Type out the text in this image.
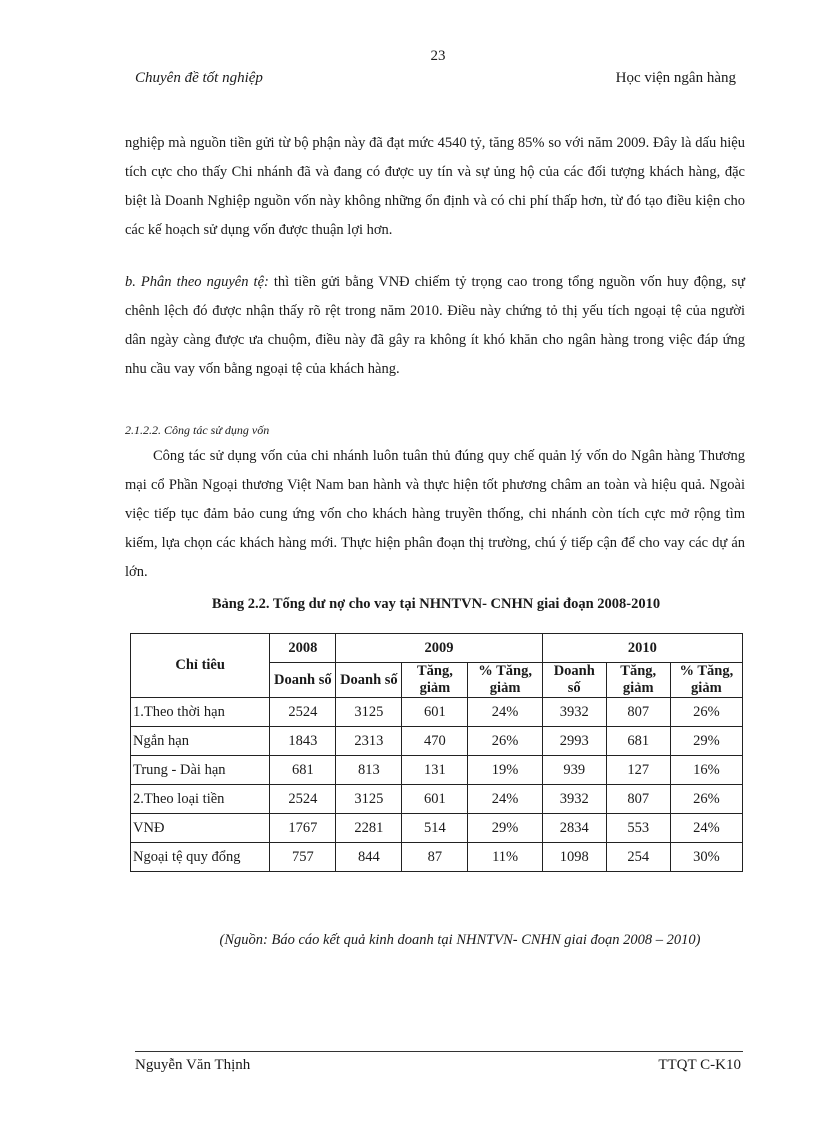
23
Chuyên đề tốt nghiệp	Học viện ngân hàng
nghiệp mà nguồn tiền gửi từ bộ phận này đã đạt mức 4540 tỷ, tăng 85% so với năm 2009. Đây là dấu hiệu tích cực cho thấy Chi nhánh đã và đang có được uy tín và sự ủng hộ của các đối tượng khách hàng, đặc biệt là Doanh Nghiệp nguồn vốn này không những ổn định và có chi phí thấp hơn, từ đó tạo điều kiện cho các kế hoạch sử dụng vốn được thuận lợi hơn.
b. Phân theo nguyên tệ: thì tiền gửi bằng VNĐ chiếm tỷ trọng cao trong tổng nguồn vốn huy động, sự chênh lệch đó được nhận thấy rõ rệt trong năm 2010. Điều này chứng tỏ thị yếu tích ngoại tệ của người dân ngày càng được ưa chuộm, điều này đã gây ra không ít khó khăn cho ngân hàng trong việc đáp ứng nhu cầu vay vốn bằng ngoại tệ của khách hàng.
2.1.2.2. Công tác sử dụng vốn
Công tác sử dụng vốn của chi nhánh luôn tuân thủ đúng quy chế quản lý vốn do Ngân hàng Thương mại cổ Phần Ngoại thương Việt Nam ban hành và thực hiện tốt phương châm an toàn và hiệu quả. Ngoài việc tiếp tục đảm bảo cung ứng vốn cho khách hàng truyền thống, chi nhánh còn tích cực mở rộng tìm kiếm, lựa chọn các khách hàng mới. Thực hiện phân đoạn thị trường, chú ý tiếp cận để cho vay các dự án lớn.
Bảng 2.2. Tổng dư nợ cho vay tại NHNTVN- CNHN giai đoạn 2008-2010
Chỉ tiêu	2008	2009			2010		
	Doanh số	Doanh số	Tăng, giảm	% Tăng, giảm	Doanh số	Tăng, giảm	% Tăng, giảm
1.Theo thời hạn	2524	3125	601	24%	3932	807	26%
Ngắn hạn	1843	2313	470	26%	2993	681	29%
Trung - Dài hạn	681	813	131	19%	939	127	16%
2.Theo loại tiền	2524	3125	601	24%	3932	807	26%
VNĐ	1767	2281	514	29%	2834	553	24%
Ngoại tệ quy đổng	757	844	87	11%	1098	254	30%
(Nguồn: Báo cáo kết quả kinh doanh tại NHNTVN- CNHN giai đoạn 2008 – 2010)
Nguyễn Văn Thịnh	TTQT C-K10
